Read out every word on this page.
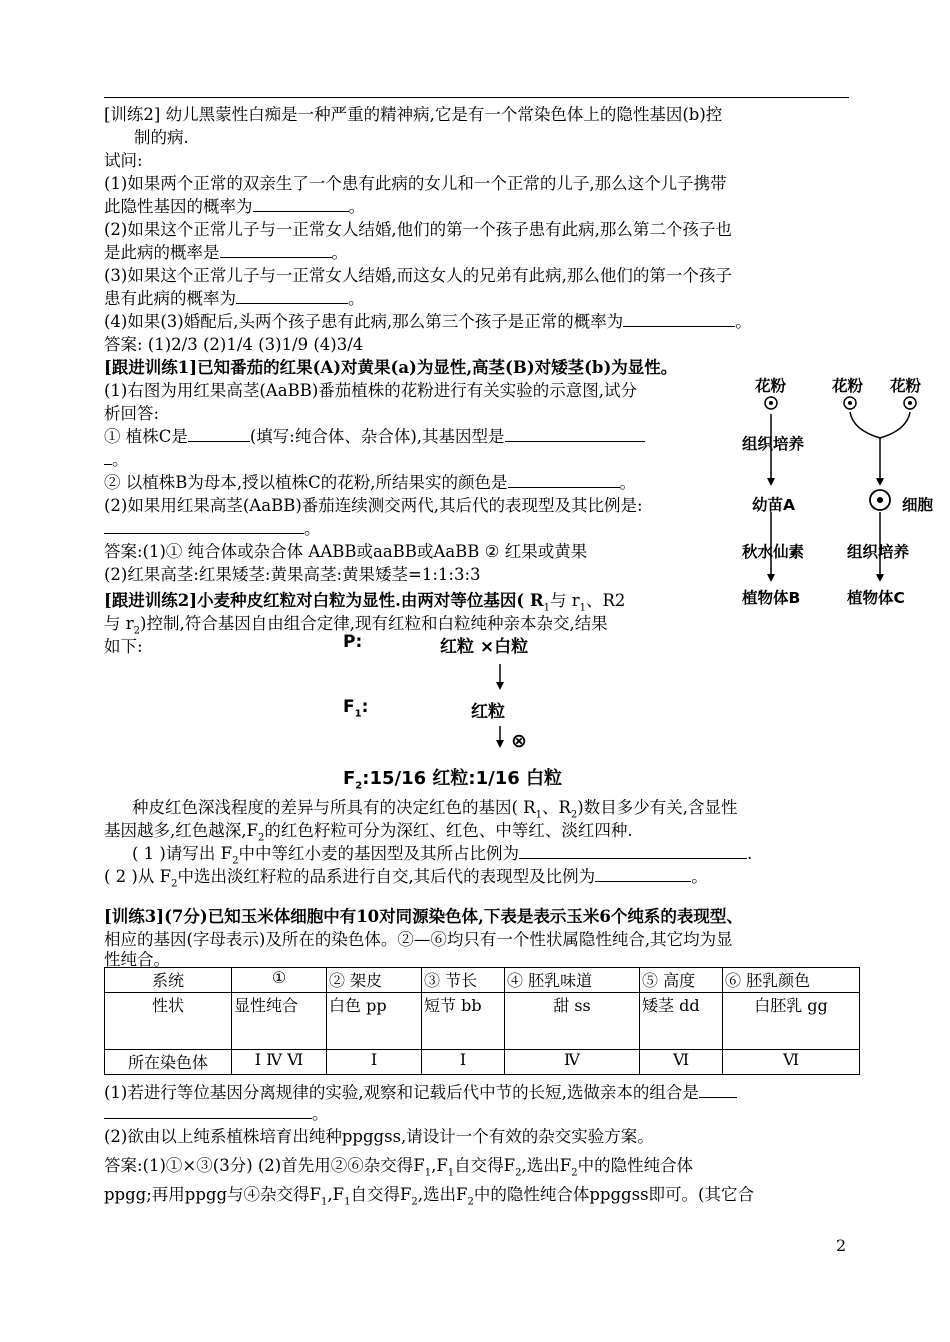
[训练2] 幼儿黑蒙性白痴是一种严重的精神病,它是有一个常染色体上的隐性基因(b)控
制的病.
试问:
(1)如果两个正常的双亲生了一个患有此病的女儿和一个正常的儿子,那么这个儿子携带
此隐性基因的概率为	。
(2)如果这个正常儿子与一正常女人结婚,他们的第一个孩子患有此病,那么第二个孩子也
是此病的概率是	。
(3)如果这个正常儿子与一正常女人结婚,而这女人的兄弟有此病,那么他们的第一个孩子
患有此病的概率为	。
(4)如果(3)婚配后,头两个孩子患有此病,那么第三个孩子是正常的概率为	。
答案: (1)2/3 (2)1/4 (3)1/9 (4)3/4
[跟进训练1]已知番茄的红果(A)对黄果(a)为显性,高茎(B)对矮茎(b)为显性。
(1)右图为用红果高茎(AaBB)番茄植株的花粉进行有关实验的示意图,试分
析回答:
① 植株C是	(填写:纯合体、杂合体),其基因型是
。
② 以植株B为母本,授以植株C的花粉,所结果实的颜色是	。
(2)如果用红果高茎(AaBB)番茄连续测交两代,其后代的表现型及其比例是:
。
答案:(1)① 纯合体或杂合体 AABB或aaBB或AaBB ② 红果或黄果
(2)红果高茎:红果矮茎:黄果高茎:黄果矮茎=1:1:3:3
花粉	花粉 花粉
组织培养
幼苗A	细胞
秋水仙素	组织培养
植物体B	植物体C
[跟进训练2]小麦种皮红粒对白粒为显性.由两对等位基因( $R_1$与 $r_1$、R2
与 $r_2$)控制,符合基因自由组合定律,现有红粒和白粒纯种亲本杂交,结果
如下:	P:	红粒 ×白粒
$F_1$:	红粒
$F_2:15/16$ 红粒:1/16 白粒
⊗
种皮红色深浅程度的差异与所具有的决定红色的基因( $R_1$、$R_2$)数目多少有关,含显性
基因越多,红色越深$,F_2$的红色籽粒可分为深红、红色、中等红、淡红四种.
( 1 )请写出 $F_2$中中等红小麦的基因型及其所占比例为	.
( 2 )从 $F_2$中选出淡红籽粒的品系进行自交,其后代的表现型及比例为	。
[训练3](7分)已知玉米体细胞中有10对同源染色体,下表是表示玉米6个纯系的表现型、
相应的基因(字母表示)及所在的染色体。②—⑥均只有一个性状属隐性纯合,其它均为显
性纯合。
系统	①	② 架皮	③ 节长	④ 胚乳味道	⑤ 高度	⑥ 胚乳颜色
性状	显性纯合	白色 pp	短节 bb	甜 ss	矮茎 dd	白胚乳 gg
所在染色体	Ⅰ Ⅳ Ⅵ	Ⅰ	Ⅰ	Ⅳ	Ⅵ	Ⅵ
(1)若进行等位基因分离规律的实验,观察和记载后代中节的长短,选做亲本的组合是
。
(2)欲由以上纯系植株培育出纯种ppggss,请设计一个有效的杂交实验方案。
答案:(1)①×③(3分) (2)首先用②⑥杂交得$F_1,F_1$自交得$F_2$,选出$F_2$中的隐性纯合体
ppgg;再用ppgg与④杂交得$F_1,F_1$自交得$F_2$,选出$F_2$中的隐性纯合体ppggss即可。(其它合
2
